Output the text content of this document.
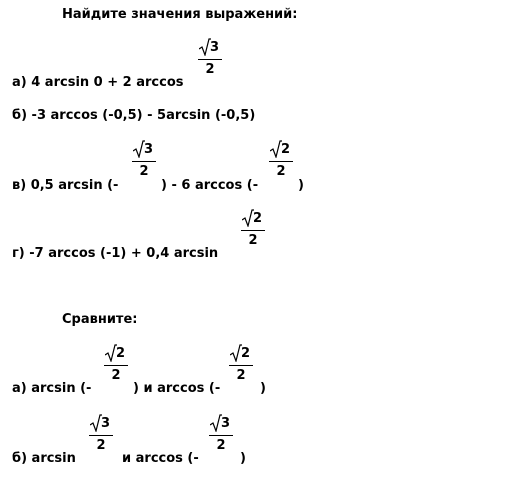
Найдите значения выражений:
Сравните:
а) 4 arcsin 0 + 2 arccos
3
2
б) -3 arccos (-0,5) - 5arcsin (-0,5)
в) 0,5 arcsin (-
3
2
) - 6 arccos (-
2
2
)
г) -7 arccos (-1) + 0,4 arcsin
2
2
а) arcsin (-
2
2
) и arccos (-
2
2
)
б) arcsin
3
2
и arccos (-
3
2
)
